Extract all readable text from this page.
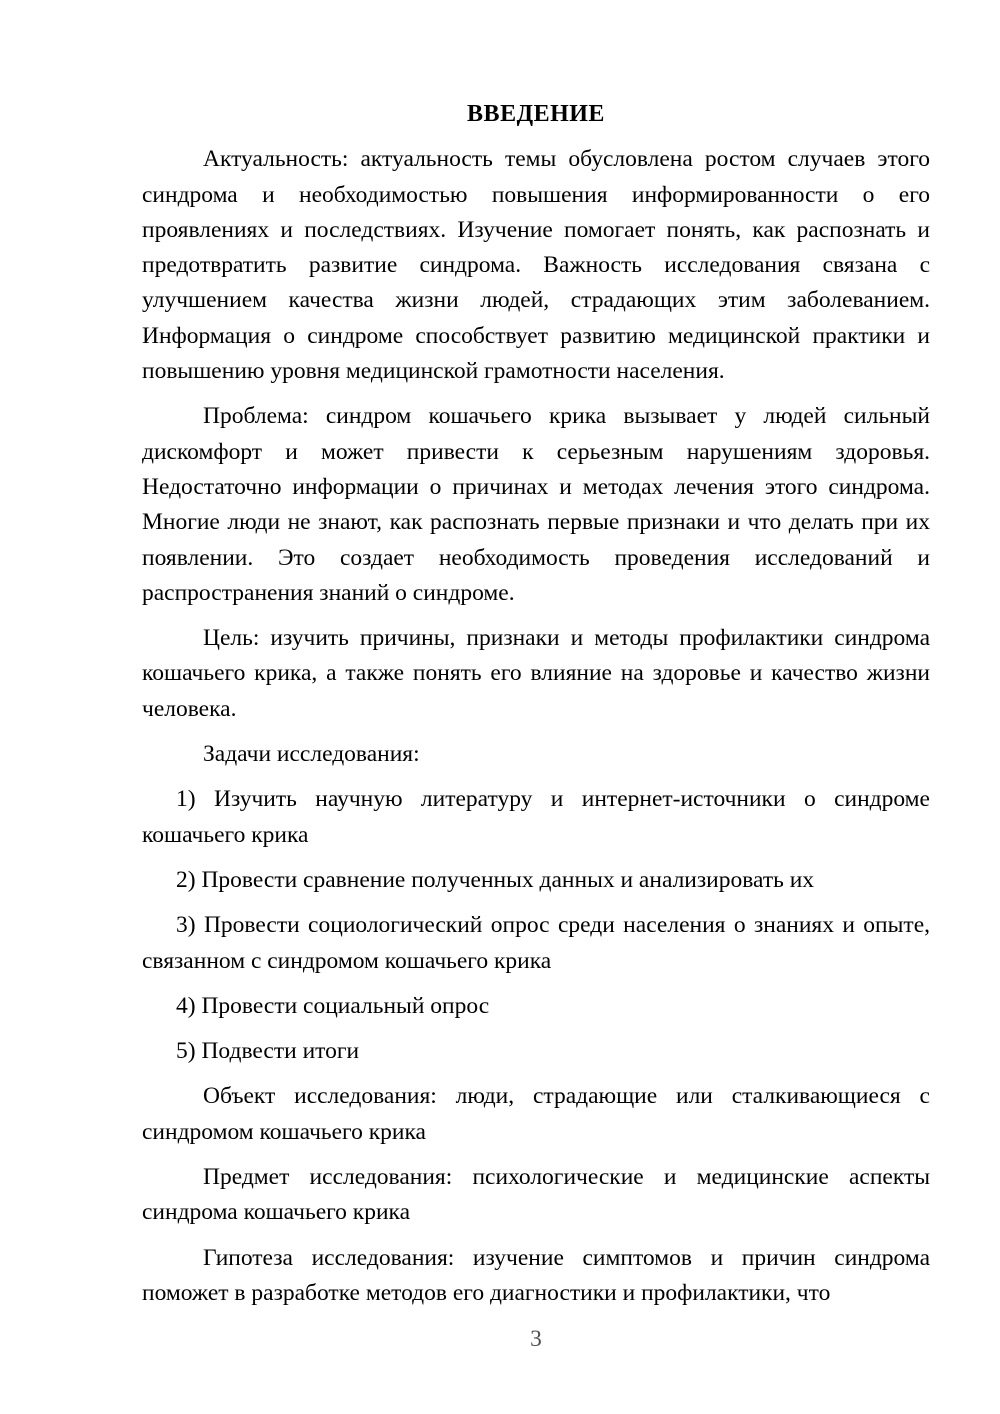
ВВЕДЕНИЕ

Актуальность: актуальность темы обусловлена ростом случаев этого синдрома и необходимостью повышения информированности о его проявлениях и последствиях. Изучение помогает понять, как распознать и предотвратить развитие синдрома. Важность исследования связана с улучшением качества жизни людей, страдающих этим заболеванием. Информация о синдроме способствует развитию медицинской практики и повышению уровня медицинской грамотности населения.

Проблема: синдром кошачьего крика вызывает у людей сильный дискомфорт и может привести к серьезным нарушениям здоровья. Недостаточно информации о причинах и методах лечения этого синдрома. Многие люди не знают, как распознать первые признаки и что делать при их появлении. Это создает необходимость проведения исследований и распространения знаний о синдроме.

Цель: изучить причины, признаки и методы профилактики синдрома кошачьего крика, а также понять его влияние на здоровье и качество жизни человека.

Задачи исследования:

1) Изучить научную литературу и интернет-источники о синдроме кошачьего крика

2) Провести сравнение полученных данных и анализировать их

3) Провести социологический опрос среди населения о знаниях и опыте, связанном с синдромом кошачьего крика

4) Провести социальный опрос

5) Подвести итоги

Объект исследования: люди, страдающие или сталкивающиеся с синдромом кошачьего крика

Предмет исследования: психологические и медицинские аспекты синдрома кошачьего крика

Гипотеза исследования: изучение симптомов и причин синдрома поможет в разработке методов его диагностики и профилактики, что

3
